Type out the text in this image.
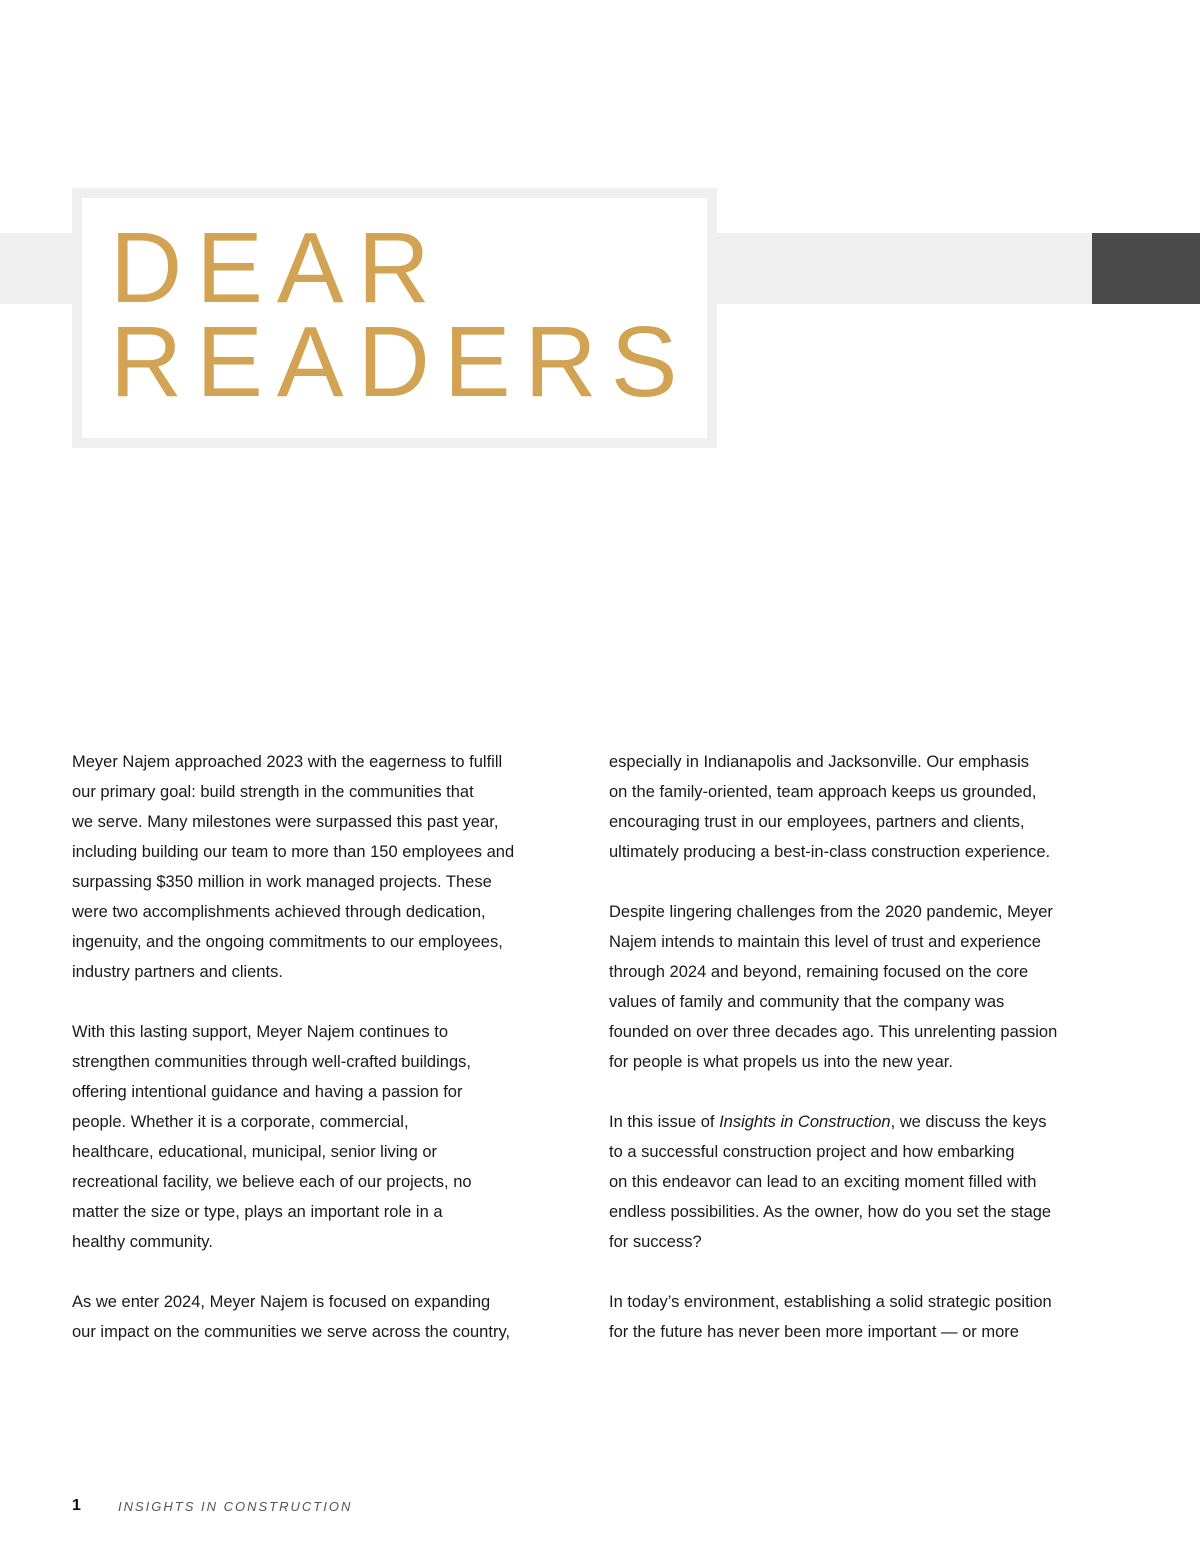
DEAR
READERS
Meyer Najem approached 2023 with the eagerness to fulfill
our primary goal: build strength in the communities that
we serve. Many milestones were surpassed this past year,
including building our team to more than 150 employees and
surpassing $350 million in work managed projects. These
were two accomplishments achieved through dedication,
ingenuity, and the ongoing commitments to our employees,
industry partners and clients.
With this lasting support, Meyer Najem continues to
strengthen communities through well-crafted buildings,
offering intentional guidance and having a passion for
people. Whether it is a corporate, commercial,
healthcare, educational, municipal, senior living or
recreational facility, we believe each of our projects, no
matter the size or type, plays an important role in a
healthy community.
As we enter 2024, Meyer Najem is focused on expanding
our impact on the communities we serve across the country,
especially in Indianapolis and Jacksonville. Our emphasis
on the family-oriented, team approach keeps us grounded,
encouraging trust in our employees, partners and clients,
ultimately producing a best-in-class construction experience.
Despite lingering challenges from the 2020 pandemic, Meyer
Najem intends to maintain this level of trust and experience
through 2024 and beyond, remaining focused on the core
values of family and community that the company was
founded on over three decades ago. This unrelenting passion
for people is what propels us into the new year.
In this issue of Insights in Construction, we discuss the keys
to a successful construction project and how embarking
on this endeavor can lead to an exciting moment filled with
endless possibilities. As the owner, how do you set the stage
for success?
In today’s environment, establishing a solid strategic position
for the future has never been more important — or more
1	INSIGHTS IN CONSTRUCTION
